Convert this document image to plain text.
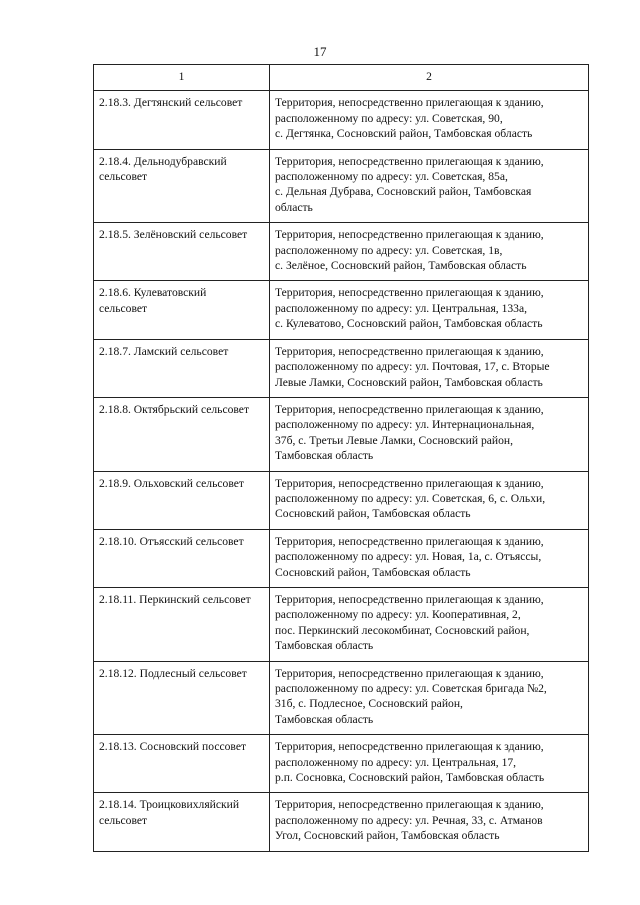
17
1	2

2.18.3. Дегтянский сельсовет	Территория, непосредственно прилегающая к зданию,
расположенному по адресу: ул. Советская, 90,
с. Дегтянка, Сосновский район, Тамбовская область

2.18.4. Дельнодубравский
сельсовет	Территория, непосредственно прилегающая к зданию,
расположенному по адресу: ул. Советская, 85а,
с. Дельная Дубрава, Сосновский район, Тамбовская
область

2.18.5. Зелёновский сельсовет	Территория, непосредственно прилегающая к зданию,
расположенному по адресу: ул. Советская, 1в,
с. Зелёное, Сосновский район, Тамбовская область

2.18.6. Кулеватовский
сельсовет	Территория, непосредственно прилегающая к зданию,
расположенному по адресу: ул. Центральная, 133а,
с. Кулеватово, Сосновский район, Тамбовская область

2.18.7. Ламский сельсовет	Территория, непосредственно прилегающая к зданию,
расположенному по адресу: ул. Почтовая, 17, с. Вторые
Левые Ламки, Сосновский район, Тамбовская область

2.18.8. Октябрьский сельсовет	Территория, непосредственно прилегающая к зданию,
расположенному по адресу: ул. Интернациональная,
37б, с. Третьи Левые Ламки, Сосновский район,
Тамбовская область

2.18.9. Ольховский сельсовет	Территория, непосредственно прилегающая к зданию,
расположенному по адресу: ул. Советская, 6, с. Ольхи,
Сосновский район, Тамбовская область

2.18.10. Отъясский сельсовет	Территория, непосредственно прилегающая к зданию,
расположенному по адресу: ул. Новая, 1а, с. Отъяссы,
Сосновский район, Тамбовская область

2.18.11. Перкинский сельсовет	Территория, непосредственно прилегающая к зданию,
расположенному по адресу: ул. Кооперативная, 2,
пос. Перкинский лесокомбинат, Сосновский район,
Тамбовская область

2.18.12. Подлесный сельсовет	Территория, непосредственно прилегающая к зданию,
расположенному по адресу: ул. Советская бригада №2,
31б, с. Подлесное, Сосновский район,
Тамбовская область

2.18.13. Сосновский поссовет	Территория, непосредственно прилегающая к зданию,
расположенному по адресу: ул. Центральная, 17,
р.п. Сосновка, Сосновский район, Тамбовская область

2.18.14. Троицковихляйский
сельсовет	Территория, непосредственно прилегающая к зданию,
расположенному по адресу: ул. Речная, 33, с. Атманов
Угол, Сосновский район, Тамбовская область
